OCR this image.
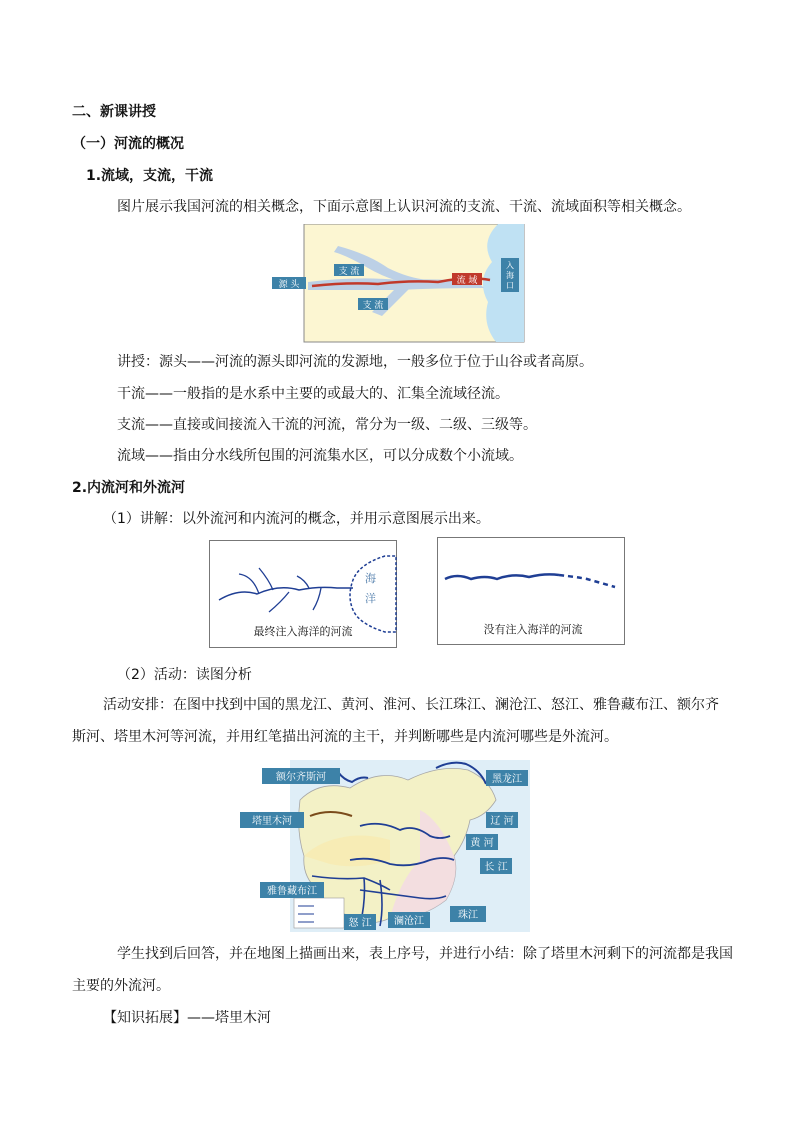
二、新课讲授
（一）河流的概况
1.流域，支流，干流
图片展示我国河流的相关概念，下面示意图上认识河流的支流、干流、流域面积等相关概念。
源 头
支 流
支 流
流 域
入
海
口
讲授：源头——河流的源头即河流的发源地，一般多位于位于山谷或者高原。
干流——一般指的是水系中主要的或最大的、汇集全流域径流。
支流——直接或间接流入干流的河流，常分为一级、二级、三级等。
流域——指由分水线所包围的河流集水区，可以分成数个小流域。
2.内流河和外流河
（1）讲解：以外流河和内流河的概念，并用示意图展示出来。
海
洋
最终注入海洋的河流	没有注入海洋的河流
（2）活动：读图分析
活动安排：在图中找到中国的黑龙江、黄河、淮河、长江珠江、澜沧江、怒江、雅鲁藏布江、额尔齐
斯河、塔里木河等河流，并用红笔描出河流的主干，并判断哪些是内流河哪些是外流河。
额尔齐斯河	黑龙江
塔里木河	辽 河
黄 河
长 江
雅鲁藏布江
珠江
澜沧江
怒 江
学生找到后回答，并在地图上描画出来，表上序号，并进行小结：除了塔里木河剩下的河流都是我国
主要的外流河。
【知识拓展】——塔里木河
